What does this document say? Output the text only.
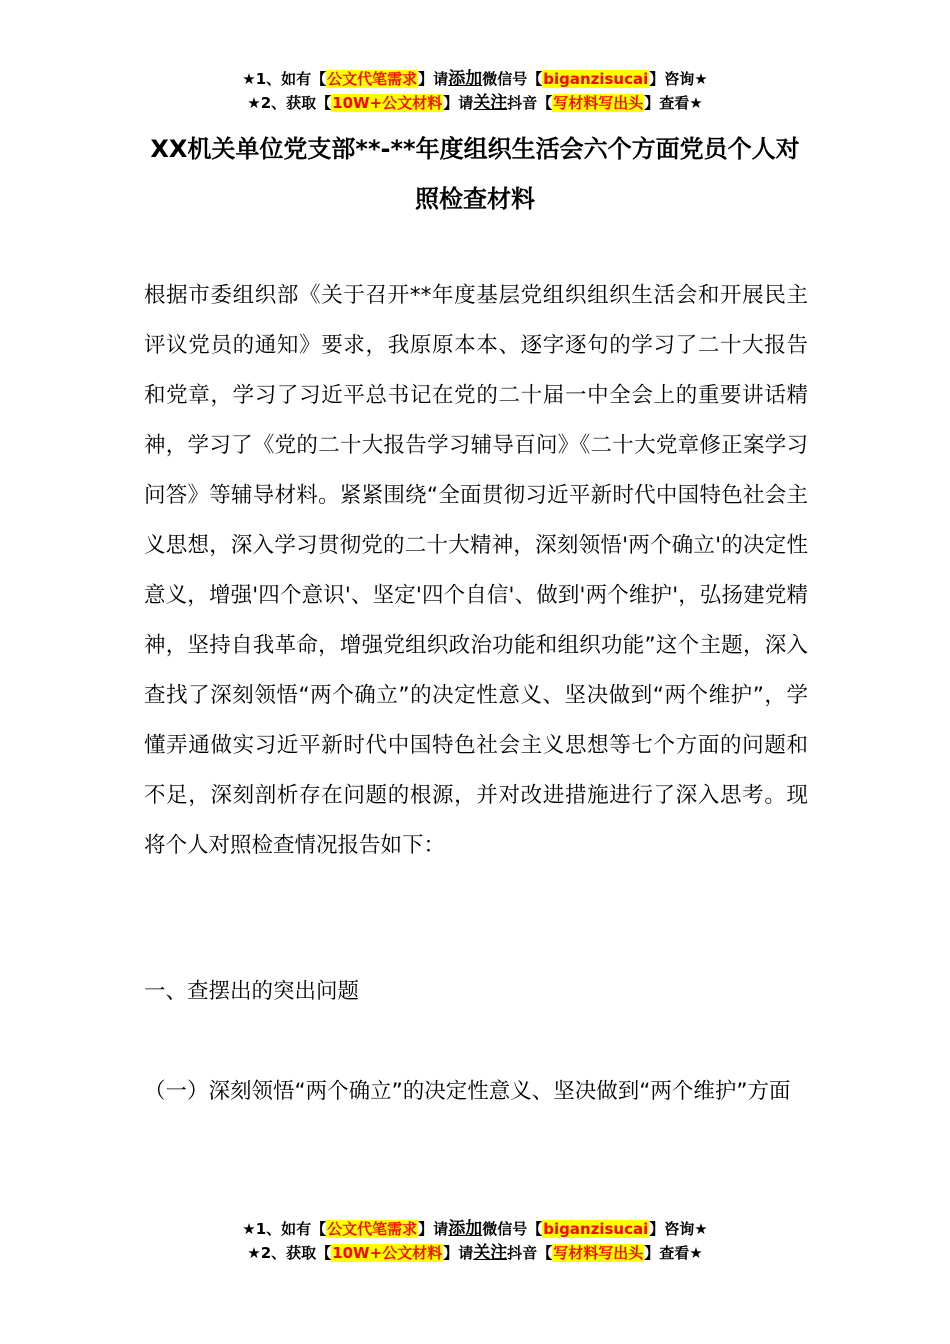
★1、如有【公文代笔需求】请添加微信号【biganzisucai】咨询★
★2、获取【10W+公文材料】请关注抖音【写材料写出头】查看★
XX机关单位党支部**-**年度组织生活会六个方面党员个人对照检查材料
根据市委组织部《关于召开**年度基层党组织组织生活会和开展民主评议党员的通知》要求，我原原本本、逐字逐句的学习了二十大报告和党章，学习了习近平总书记在党的二十届一中全会上的重要讲话精神，学习了《党的二十大报告学习辅导百问》《二十大党章修正案学习问答》等辅导材料。紧紧围绕“全面贯彻习近平新时代中国特色社会主义思想，深入学习贯彻党的二十大精神，深刻领悟'两个确立'的决定性意义，增强'四个意识'、坚定'四个自信'、做到'两个维护'，弘扬建党精神，坚持自我革命，增强党组织政治功能和组织功能”这个主题，深入查找了深刻领悟“两个确立”的决定性意义、坚决做到“两个维护”，学懂弄通做实习近平新时代中国特色社会主义思想等七个方面的问题和不足，深刻剖析存在问题的根源，并对改进措施进行了深入思考。现将个人对照检查情况报告如下：
一、查摆出的突出问题
（一）深刻领悟“两个确立”的决定性意义、坚决做到“两个维护”方面
★1、如有【公文代笔需求】请添加微信号【biganzisucai】咨询★
★2、获取【10W+公文材料】请关注抖音【写材料写出头】查看★
